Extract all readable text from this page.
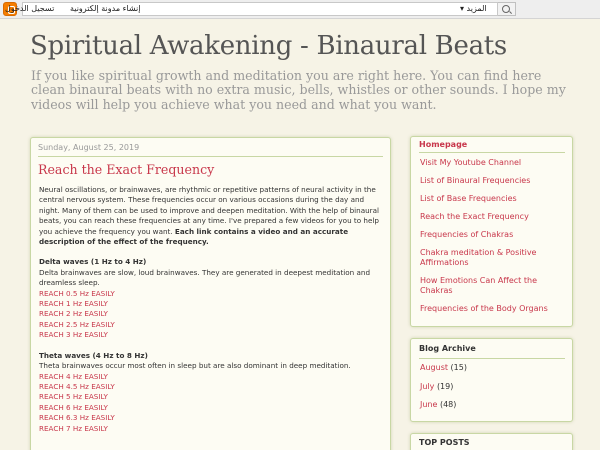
إنشاء مدونة إلكترونية
تسجيل الدخول	المزيد ▾
Spiritual Awakening - Binaural Beats
If you like spiritual growth and meditation you are right here. You can find here clean binaural beats with no extra music, bells, whistles or other sounds. I hope my videos will help you achieve what you need and what you want.
Sunday, August 25, 2019
Reach the Exact Frequency

Neural oscillations, or brainwaves, are rhythmic or repetitive patterns of neural activity in the central nervous system. These frequencies occur on various occasions during the day and night. Many of them can be used to improve and deepen meditation. With the help of binaural beats, you can reach these frequencies at any time. I've prepared a few videos for you to help you achieve the frequency you want. Each link contains a video and an accurate description of the effect of the frequency.

Delta waves (1 Hz to 4 Hz)

Delta brainwaves are slow, loud brainwaves. They are generated in deepest meditation and dreamless sleep.

REACH 0.5 Hz EASILY
REACH 1 Hz EASILY
REACH 2 Hz EASILY
REACH 2.5 Hz EASILY
REACH 3 Hz EASILY

Theta waves (4 Hz to 8 Hz)

Theta brainwaves occur most often in sleep but are also dominant in deep meditation.

REACH 4 Hz EASILY
REACH 4.5 Hz EASILY
REACH 5 Hz EASILY
REACH 6 Hz EASILY
REACH 6.3 Hz EASILY
REACH 7 Hz EASILY
Homepage
Visit My Youtube Channel
List of Binaural Frequencies
List of Base Frequencies
Reach the Exact Frequency
Frequencies of Chakras
Chakra meditation & Positive Affirmations
How Emotions Can Affect the Chakras
Frequencies of the Body Organs
Blog Archive
August (15)
July (19)
June (48)
TOP POSTS
